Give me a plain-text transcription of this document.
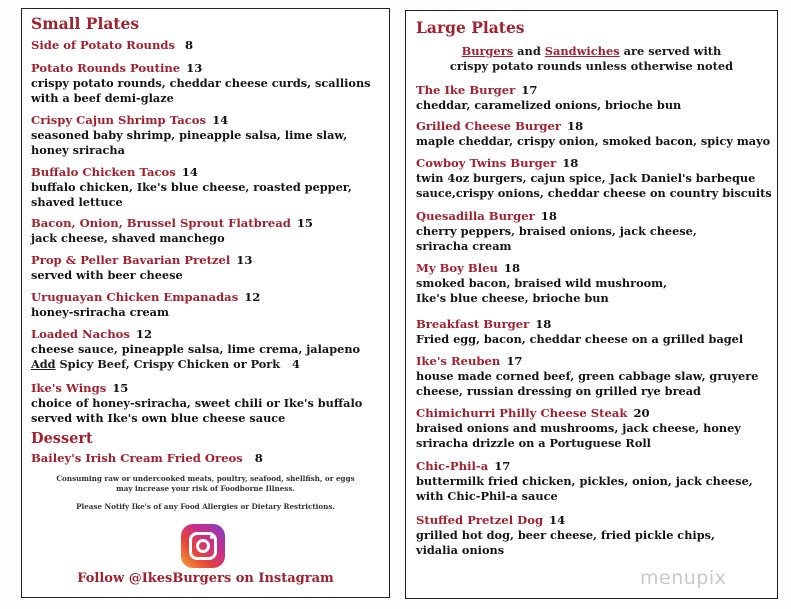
Small Plates
Side of Potato Rounds 8
Potato Rounds Poutine 13
crispy potato rounds, cheddar cheese curds, scallions
with a beef demi-glaze
Crispy Cajun Shrimp Tacos 14
seasoned baby shrimp, pineapple salsa, lime slaw,
honey sriracha
Buffalo Chicken Tacos 14
buffalo chicken, Ike's blue cheese, roasted pepper,
shaved lettuce
Bacon, Onion, Brussel Sprout Flatbread 15
jack cheese, shaved manchego
Prop & Peller Bavarian Pretzel 13
served with beer cheese
Uruguayan Chicken Empanadas 12
honey-sriracha cream
Loaded Nachos 12
cheese sauce, pineapple salsa, lime crema, jalapeno
Add Spicy Beef, Crispy Chicken or Pork 4
Ike's Wings 15
choice of honey-sriracha, sweet chili or Ike's buffalo
served with Ike's own blue cheese sauce
Dessert
Bailey's Irish Cream Fried Oreos 8
Consuming raw or undercooked meats, poultry, seafood, shellfish, or eggs
may increase your risk of Foodborne Illness.
Please Notify Ike's of any Food Allergies or Dietary Restrictions.
Follow @IkesBurgers on Instagram
Large Plates
Burgers and Sandwiches are served with
crispy potato rounds unless otherwise noted
The Ike Burger 17
cheddar, caramelized onions, brioche bun
Grilled Cheese Burger 18
maple cheddar, crispy onion, smoked bacon, spicy mayo
Cowboy Twins Burger 18
twin 4oz burgers, cajun spice, Jack Daniel's barbeque
sauce,crispy onions, cheddar cheese on country biscuits
Quesadilla Burger 18
cherry peppers, braised onions, jack cheese,
sriracha cream
My Boy Bleu 18
smoked bacon, braised wild mushroom,
Ike's blue cheese, brioche bun
Breakfast Burger 18
Fried egg, bacon, cheddar cheese on a grilled bagel
Ike's Reuben 17
house made corned beef, green cabbage slaw, gruyere
cheese, russian dressing on grilled rye bread
Chimichurri Philly Cheese Steak 20
braised onions and mushrooms, jack cheese, honey
sriracha drizzle on a Portuguese Roll
Chic-Phil-a 17
buttermilk fried chicken, pickles, onion, jack cheese,
with Chic-Phil-a sauce
Stuffed Pretzel Dog 14
grilled hot dog, beer cheese, fried pickle chips,
vidalia onions
menupix
